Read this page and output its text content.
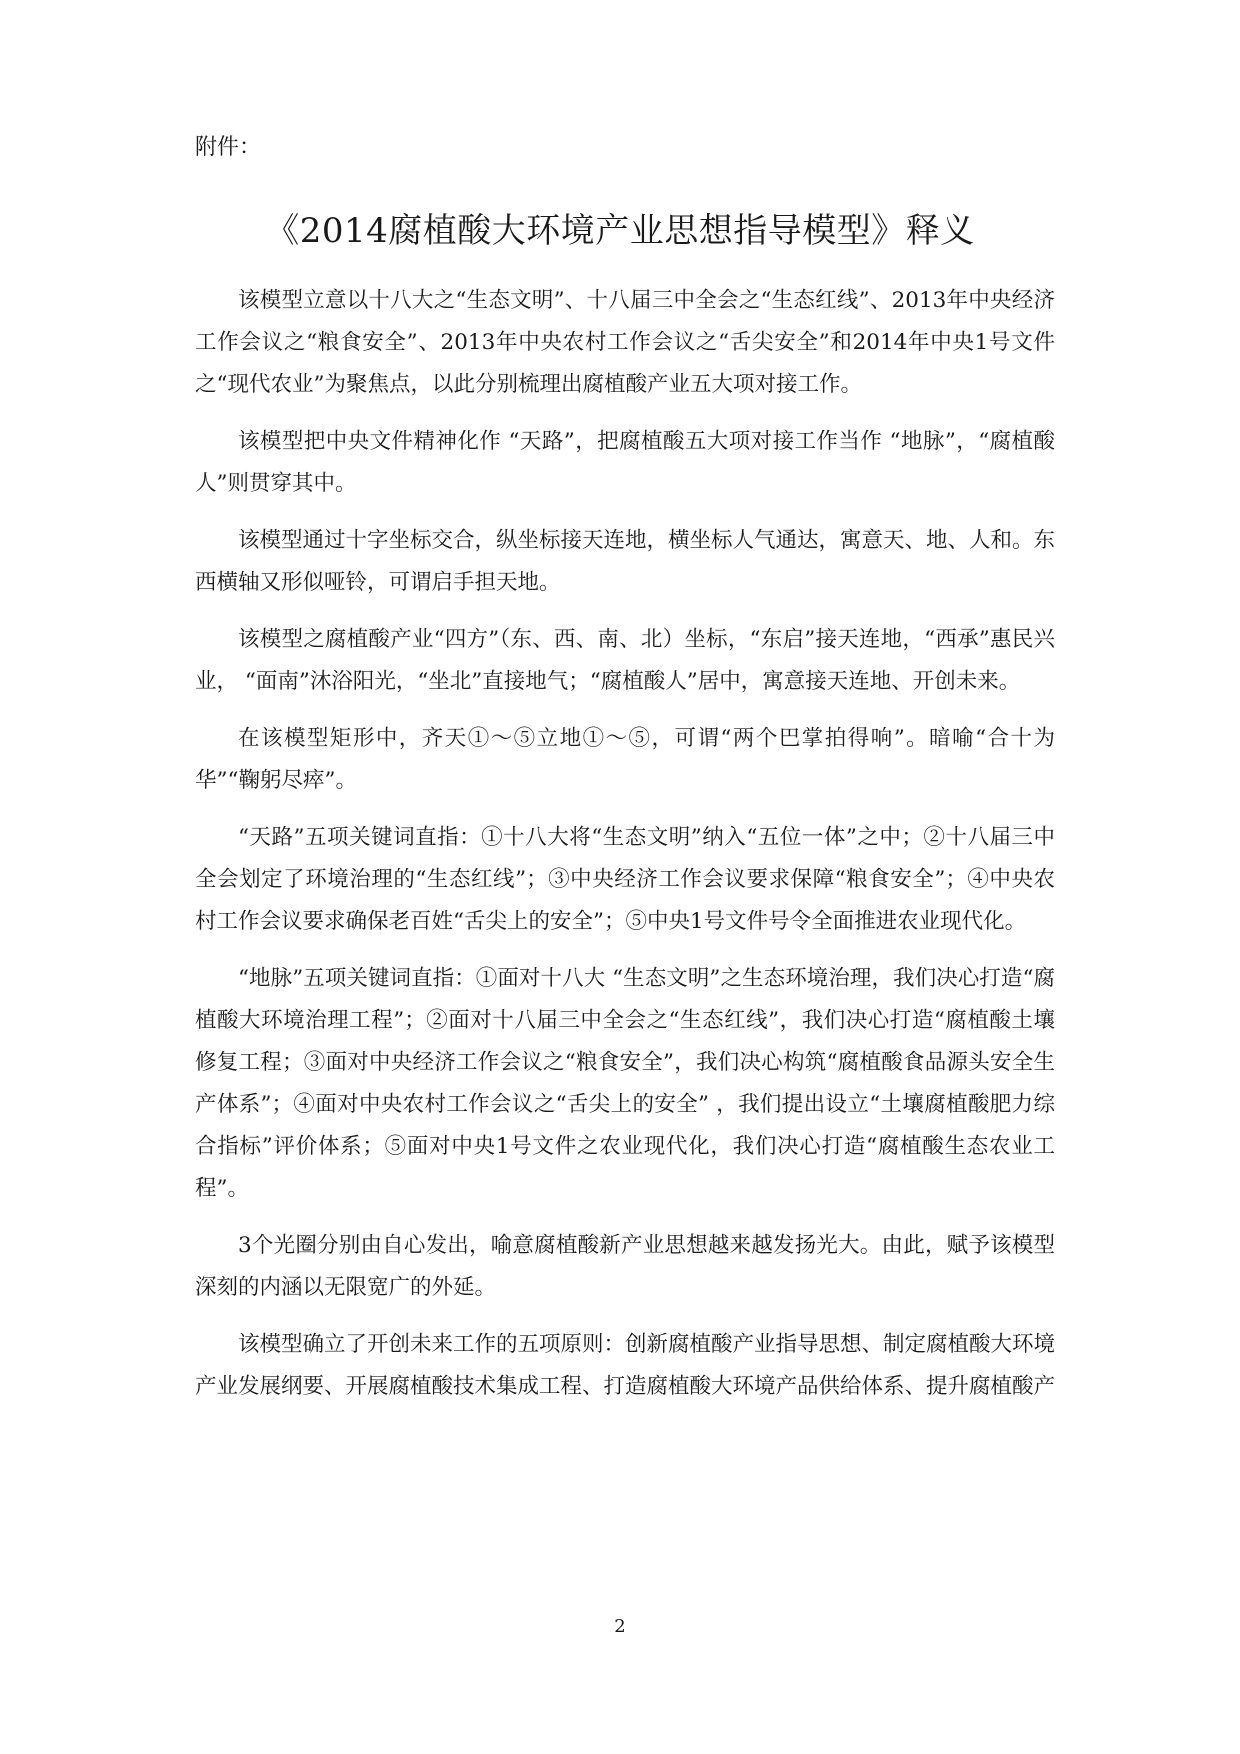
附件：
《2014腐植酸大环境产业思想指导模型》释义

该模型立意以十八大之“生态文明”、十八届三中全会之“生态红线”、2013年中央经济工作会议之“粮食安全”、2013年中央农村工作会议之“舌尖安全”和2014年中央1号文件之“现代农业”为聚焦点，以此分别梳理出腐植酸产业五大项对接工作。

该模型把中央文件精神化作 “天路”，把腐植酸五大项对接工作当作 “地脉”，“腐植酸人”则贯穿其中。

该模型通过十字坐标交合，纵坐标接天连地，横坐标人气通达，寓意天、地、人和。东西横轴又形似哑铃，可谓启手担天地。

该模型之腐植酸产业“四方”（东、西、南、北）坐标，“东启”接天连地，“西承”惠民兴业， “面南”沐浴阳光，“坐北”直接地气；“腐植酸人”居中，寓意接天连地、开创未来。

在该模型矩形中，齐天①～⑤立地①～⑤，可谓“两个巴掌拍得响”。暗喻“合十为华”“鞠躬尽瘁”。

“天路”五项关键词直指：①十八大将“生态文明”纳入“五位一体”之中；②十八届三中全会划定了环境治理的“生态红线”；③中央经济工作会议要求保障“粮食安全”；④中央农村工作会议要求确保老百姓“舌尖上的安全”；⑤中央1号文件号令全面推进农业现代化。

“地脉”五项关键词直指：①面对十八大 “生态文明”之生态环境治理，我们决心打造“腐植酸大环境治理工程”；②面对十八届三中全会之“生态红线”，我们决心打造“腐植酸土壤修复工程；③面对中央经济工作会议之“粮食安全”，我们决心构筑“腐植酸食品源头安全生产体系”；④面对中央农村工作会议之“舌尖上的安全” ，我们提出设立“土壤腐植酸肥力综合指标”评价体系；⑤面对中央1号文件之农业现代化，我们决心打造“腐植酸生态农业工程”。

3个光圈分别由自心发出，喻意腐植酸新产业思想越来越发扬光大。由此，赋予该模型深刻的内涵以无限宽广的外延。

该模型确立了开创未来工作的五项原则：创新腐植酸产业指导思想、制定腐植酸大环境产业发展纲要、开展腐植酸技术集成工程、打造腐植酸大环境产品供给体系、提升腐植酸产

2
